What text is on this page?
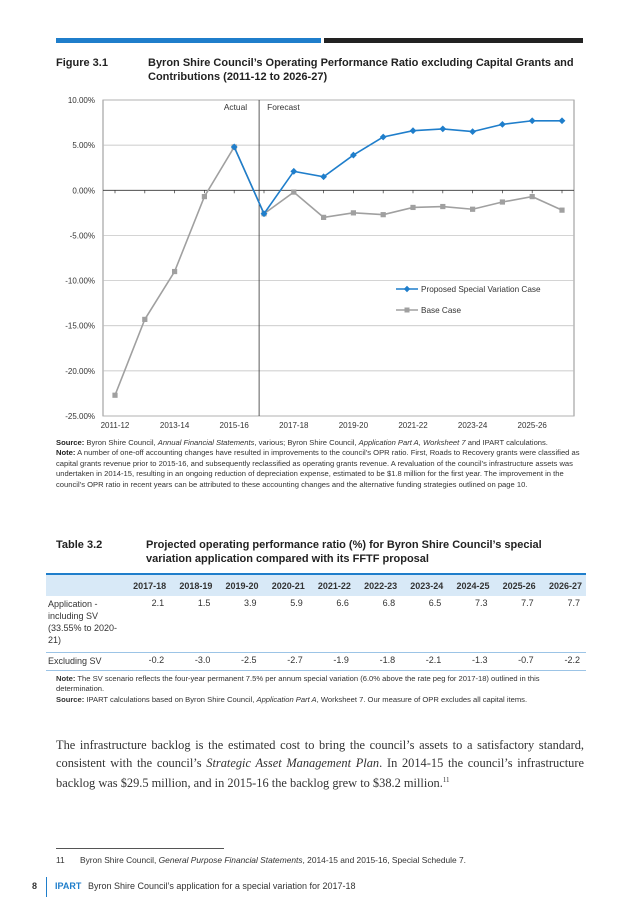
Figure 3.1	Byron Shire Council’s Operating Performance Ratio excluding Capital Grants and Contributions (2011-12 to 2026-27)
10.00%
5.00%
0.00%
-5.00%
-10.00%
-15.00%
-20.00%
-25.00%
2011-12	2013-14	2015-16	2017-18	2019-20	2021-22	2023-24	2025-26
Actual Forecast
Proposed Special Variation Case
Base Case
Source: Byron Shire Council, Annual Financial Statements, various; Byron Shire Council, Application Part A, Worksheet 7 and IPART calculations.
Note: A number of one-off accounting changes have resulted in improvements to the council’s OPR ratio. First, Roads to Recovery grants were classified as capital grants revenue prior to 2015-16, and subsequently reclassified as operating grants revenue. A revaluation of the council’s infrastructure assets was undertaken in 2014-15, resulting in an ongoing reduction of depreciation expense, estimated to be $1.8 million for the first year. The improvement in the council’s OPR ratio in recent years can be attributed to these accounting changes and the alternative funding strategies outlined on page 10.
Table 3.2	Projected operating performance ratio (%) for Byron Shire Council’s special variation application compared with its FFTF proposal
	2017-18	2018-19	2019-20	2020-21	2021-22	2022-23	2023-24	2024-25	2025-26	2026-27
Application - including SV (33.55% to 2020-21)	2.1	1.5	3.9	5.9	6.6	6.8	6.5	7.3	7.7	7.7
Excluding SV	-0.2	-3.0	-2.5	-2.7	-1.9	-1.8	-2.1	-1.3	-0.7	-2.2
Note: The SV scenario reflects the four-year permanent 7.5% per annum special variation (6.0% above the rate peg for 2017-18) outlined in this determination.
Source: IPART calculations based on Byron Shire Council, Application Part A, Worksheet 7. Our measure of OPR excludes all capital items.
The infrastructure backlog is the estimated cost to bring the council’s assets to a satisfactory standard, consistent with the council’s Strategic Asset Management Plan. In 2014-15 the council’s infrastructure backlog was $29.5 million, and in 2015-16 the backlog grew to $38.2 million.$^{11}$
11 Byron Shire Council, General Purpose Financial Statements, 2014-15 and 2015-16, Special Schedule 7.
8 IPART Byron Shire Council’s application for a special variation for 2017-18
